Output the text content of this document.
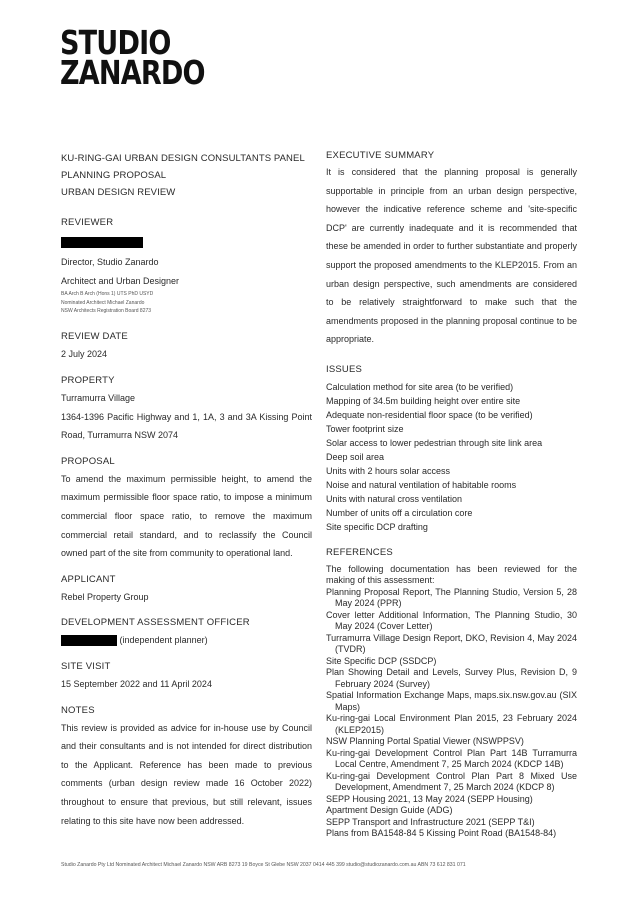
STUDIO
ZANARDO
KU-RING-GAI URBAN DESIGN CONSULTANTS PANEL
PLANNING PROPOSAL
URBAN DESIGN REVIEW
REVIEWER
Director, Studio Zanardo
Architect and Urban Designer
BA Arch B Arch (Hons 1) UTS PhD USYD
Nominated Architect Michael Zanardo
NSW Architects Registration Board 8273
REVIEW DATE
2 July 2024
PROPERTY
Turramurra Village
1364-1396 Pacific Highway and 1, 1A, 3 and 3A Kissing Point Road, Turramurra NSW 2074
PROPOSAL
To amend the maximum permissible height, to amend the maximum permissible floor space ratio, to impose a minimum commercial floor space ratio, to remove the maximum commercial retail standard, and to reclassify the Council owned part of the site from community to operational land.
APPLICANT
Rebel Property Group
DEVELOPMENT ASSESSMENT OFFICER
(independent planner)
SITE VISIT
15 September 2022 and 11 April 2024
NOTES
This review is provided as advice for in-house use by Council and their consultants and is not intended for direct distribution to the Applicant. Reference has been made to previous comments (urban design review made 16 October 2022) throughout to ensure that previous, but still relevant, issues relating to this site have now been addressed.
EXECUTIVE SUMMARY
It is considered that the planning proposal is generally supportable in principle from an urban design perspective, however the indicative reference scheme and 'site-specific DCP' are currently inadequate and it is recommended that these be amended in order to further substantiate and properly support the proposed amendments to the KLEP2015. From an urban design perspective, such amendments are considered to be relatively straightforward to make such that the amendments proposed in the planning proposal continue to be appropriate.
ISSUES
Calculation method for site area (to be verified)
Mapping of 34.5m building height over entire site
Adequate non-residential floor space (to be verified)
Tower footprint size
Solar access to lower pedestrian through site link area
Deep soil area
Units with 2 hours solar access
Noise and natural ventilation of habitable rooms
Units with natural cross ventilation
Number of units off a circulation core
Site specific DCP drafting
REFERENCES
The following documentation has been reviewed for the making of this assessment:
Planning Proposal Report, The Planning Studio, Version 5, 28 May 2024 (PPR)
Cover letter Additional Information, The Planning Studio, 30 May 2024 (Cover Letter)
Turramurra Village Design Report, DKO, Revision 4, May 2024 (TVDR)
Site Specific DCP (SSDCP)
Plan Showing Detail and Levels, Survey Plus, Revision D, 9 February 2024 (Survey)
Spatial Information Exchange Maps, maps.six.nsw.gov.au (SIX Maps)
Ku-ring-gai Local Environment Plan 2015, 23 February 2024 (KLEP2015)
NSW Planning Portal Spatial Viewer (NSWPPSV)
Ku-ring-gai Development Control Plan Part 14B Turramurra Local Centre, Amendment 7, 25 March 2024 (KDCP 14B)
Ku-ring-gai Development Control Plan Part 8 Mixed Use Development, Amendment 7, 25 March 2024 (KDCP 8)
SEPP Housing 2021, 13 May 2024 (SEPP Housing)
Apartment Design Guide (ADG)
SEPP Transport and Infrastructure 2021 (SEPP T&I)
Plans from BA1548-84 5 Kissing Point Road (BA1548-84)
Studio Zanardo Pty Ltd Nominated Architect Michael Zanardo NSW ARB 8273 19 Boyce St Glebe NSW 2037 0414 445 399 studio@studiozanardo.com.au ABN 73 612 831 071
